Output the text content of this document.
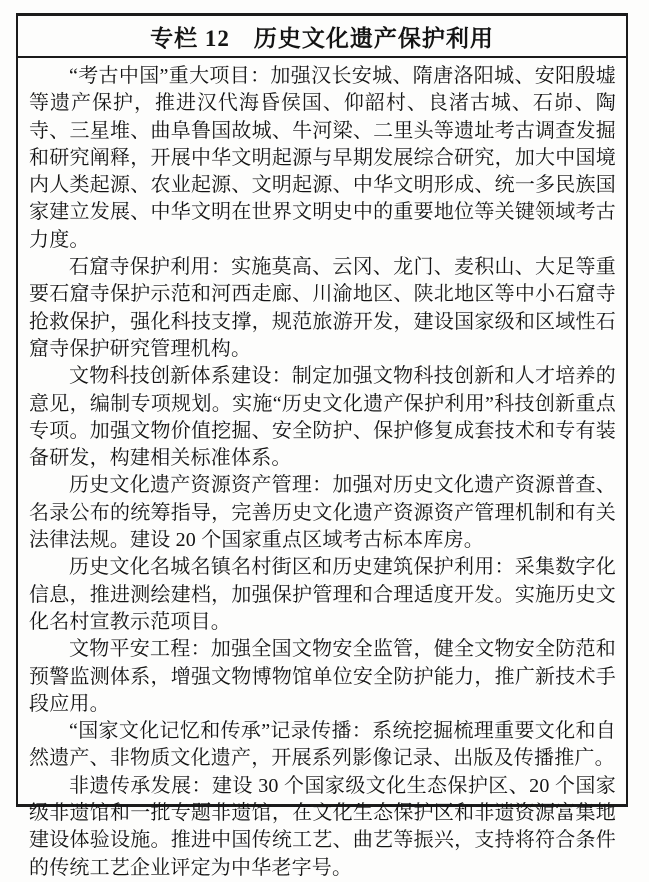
专栏 12　历史文化遗产保护利用

“考古中国”重大项目：加强汉长安城、隋唐洛阳城、安阳殷墟等遗产保护，推进汉代海昏侯国、仰韶村、良渚古城、石峁、陶寺、三星堆、曲阜鲁国故城、牛河梁、二里头等遗址考古调查发掘和研究阐释，开展中华文明起源与早期发展综合研究，加大中国境内人类起源、农业起源、文明起源、中华文明形成、统一多民族国家建立发展、中华文明在世界文明史中的重要地位等关键领域考古力度。

石窟寺保护利用：实施莫高、云冈、龙门、麦积山、大足等重要石窟寺保护示范和河西走廊、川渝地区、陕北地区等中小石窟寺抢救保护，强化科技支撑，规范旅游开发，建设国家级和区域性石窟寺保护研究管理机构。

文物科技创新体系建设：制定加强文物科技创新和人才培养的意见，编制专项规划。实施“历史文化遗产保护利用”科技创新重点专项。加强文物价值挖掘、安全防护、保护修复成套技术和专有装备研发，构建相关标准体系。

历史文化遗产资源资产管理：加强对历史文化遗产资源普查、名录公布的统筹指导，完善历史文化遗产资源资产管理机制和有关法律法规。建设 20 个国家重点区域考古标本库房。

历史文化名城名镇名村街区和历史建筑保护利用：采集数字化信息，推进测绘建档，加强保护管理和合理适度开发。实施历史文化名村宣教示范项目。

文物平安工程：加强全国文物安全监管，健全文物安全防范和预警监测体系，增强文物博物馆单位安全防护能力，推广新技术手段应用。

“国家文化记忆和传承”记录传播：系统挖掘梳理重要文化和自然遗产、非物质文化遗产，开展系列影像记录、出版及传播推广。

非遗传承发展：建设 30 个国家级文化生态保护区、20 个国家级非遗馆和一批专题非遗馆，在文化生态保护区和非遗资源富集地建设体验设施。推进中国传统工艺、曲艺等振兴，支持将符合条件的传统工艺企业评定为中华老字号。
